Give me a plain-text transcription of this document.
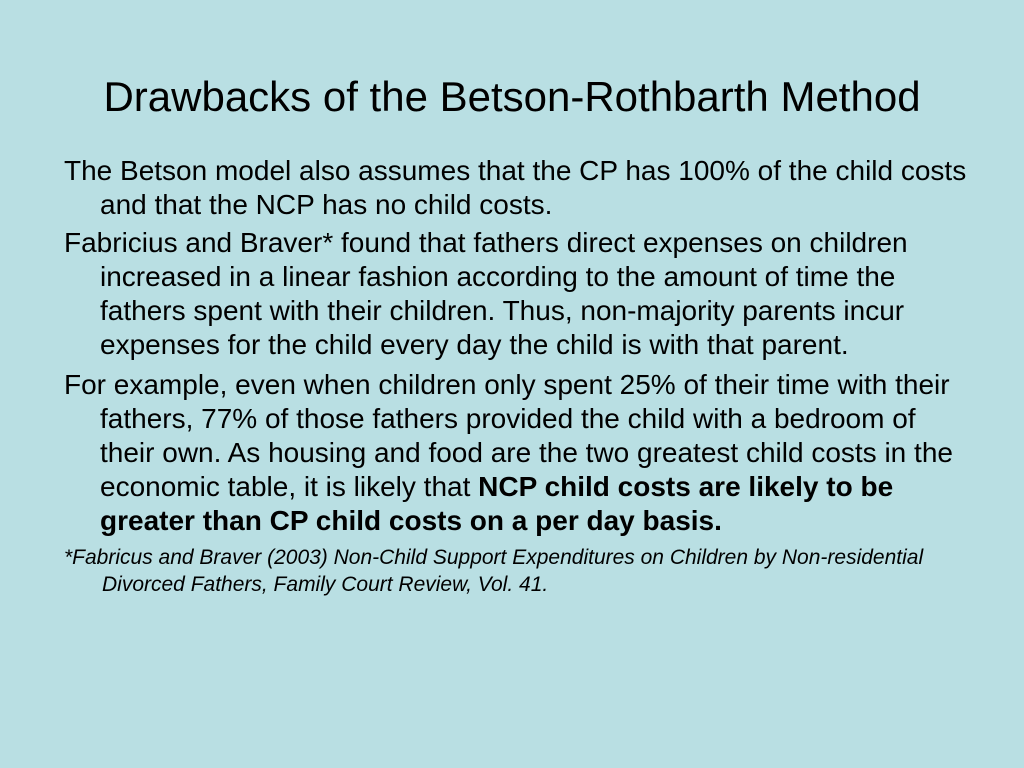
Drawbacks of the Betson-Rothbarth Method

The Betson model also assumes that the CP has 100% of the child costs and that the NCP has no child costs.

Fabricius and Braver* found that fathers direct expenses on children increased in a linear fashion according to the amount of time the fathers spent with their children. Thus, non-majority parents incur expenses for the child every day the child is with that parent.

For example, even when children only spent 25% of their time with their fathers, 77% of those fathers provided the child with a bedroom of their own. As housing and food are the two greatest child costs in the economic table, it is likely that NCP child costs are likely to be greater than CP child costs on a per day basis.

*Fabricus and Braver (2003) Non-Child Support Expenditures on Children by Non-residential Divorced Fathers, Family Court Review, Vol. 41.
